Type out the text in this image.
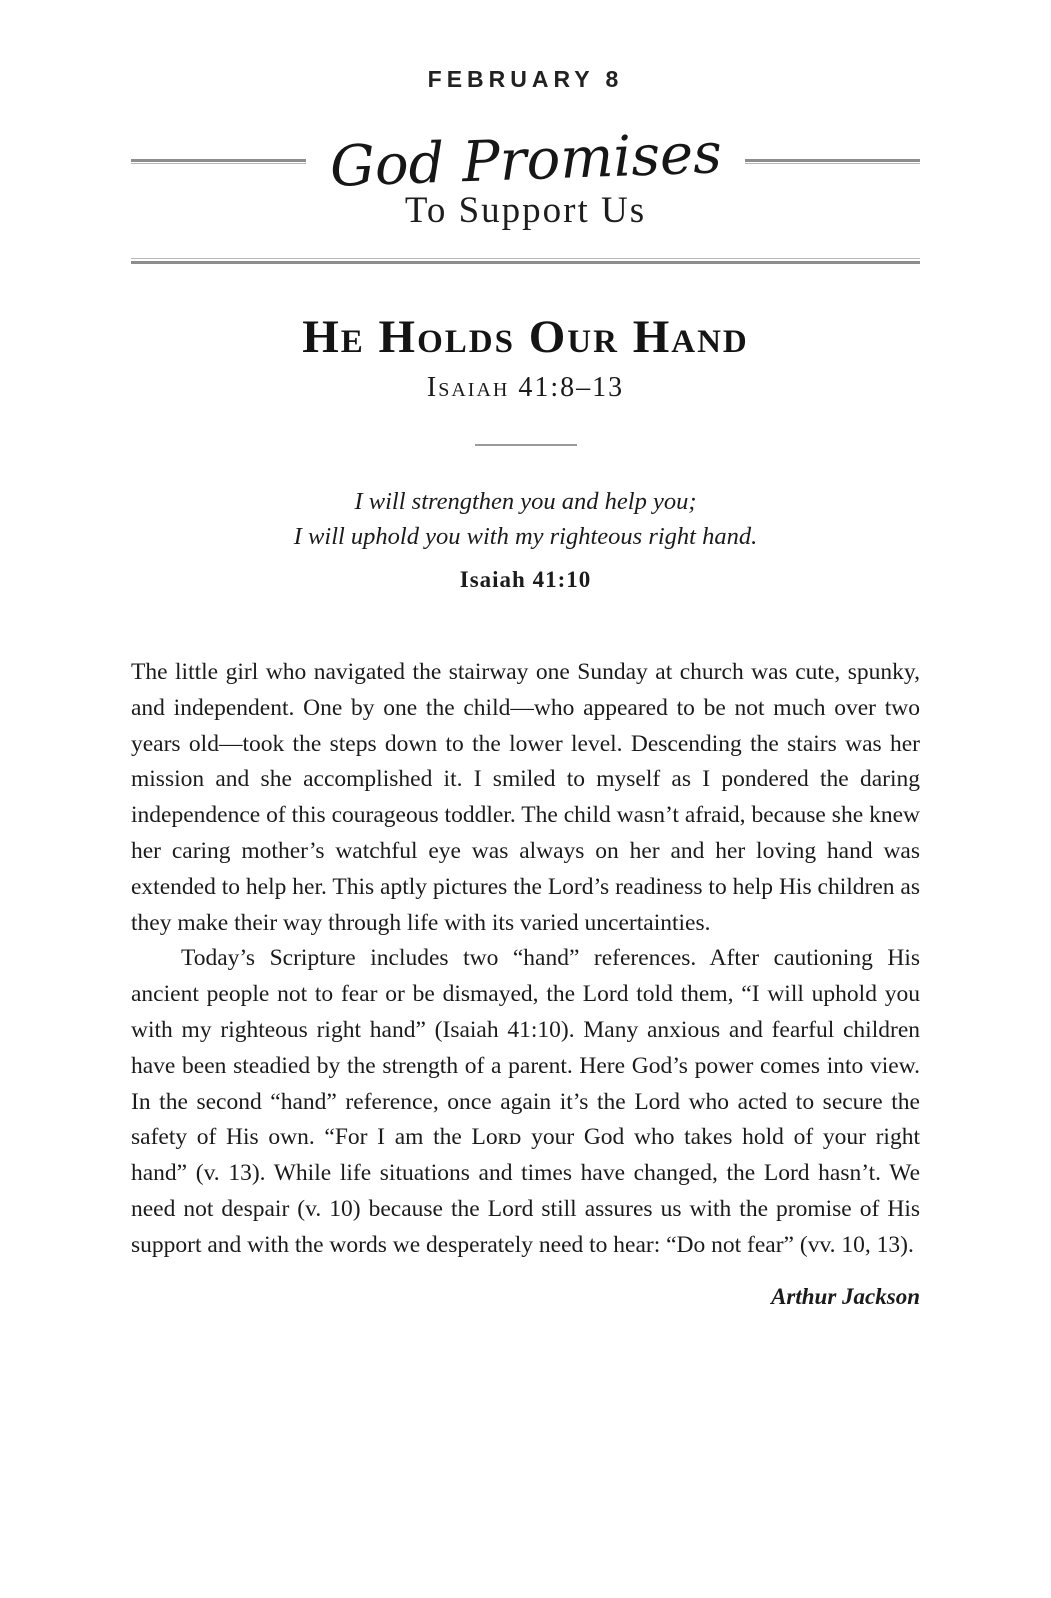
FEBRUARY 8
God Promises
To Support Us
He Holds Our Hand
Isaiah 41:8–13
I will strengthen you and help you;
I will uphold you with my righteous right hand.
Isaiah 41:10

The little girl who navigated the stairway one Sunday at church was cute, spunky, and independent. One by one the child—who appeared to be not much over two years old—took the steps down to the lower level. Descending the stairs was her mission and she accomplished it. I smiled to myself as I pondered the daring independence of this courageous toddler. The child wasn’t afraid, because she knew her caring mother’s watchful eye was always on her and her loving hand was extended to help her. This aptly pictures the Lord’s readiness to help His children as they make their way through life with its varied uncertainties.

Today’s Scripture includes two “hand” references. After cautioning His ancient people not to fear or be dismayed, the Lord told them, “I will uphold you with my righteous right hand” (Isaiah 41:10). Many anxious and fearful children have been steadied by the strength of a parent. Here God’s power comes into view. In the second “hand” reference, once again it’s the Lord who acted to secure the safety of His own. “For I am the Lᴏʀᴅ your God who takes hold of your right hand” (v. 13). While life situations and times have changed, the Lord hasn’t. We need not despair (v. 10) because the Lord still assures us with the promise of His support and with the words we desperately need to hear: “Do not fear” (vv. 10, 13).

Arthur Jackson
